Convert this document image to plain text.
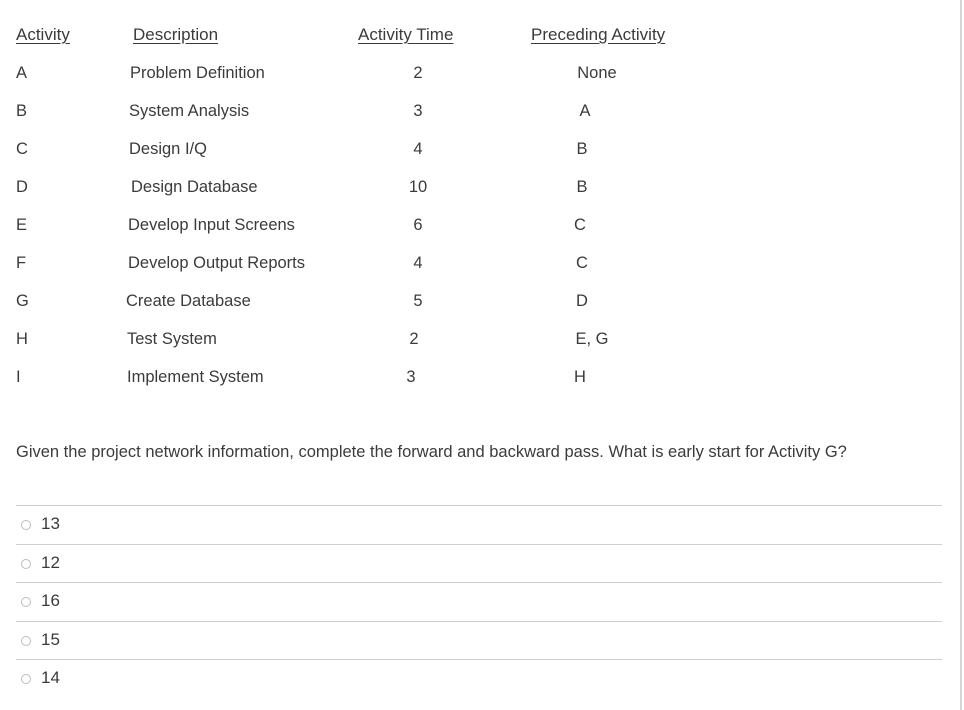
Activity	Description	Activity Time	Preceding Activity
A	Problem Definition	2	None
B	System Analysis	3	A
C	Design I/Q	4	B
D	Design Database	10	B
E	Develop Input Screens	6	C
F	Develop Output Reports	4	C
G	Create Database	5	D
H	Test System	2	E, G
I	Implement System	3	H
Given the project network information, complete the forward and backward pass. What is early start for Activity G?
13
12
16
15
14
